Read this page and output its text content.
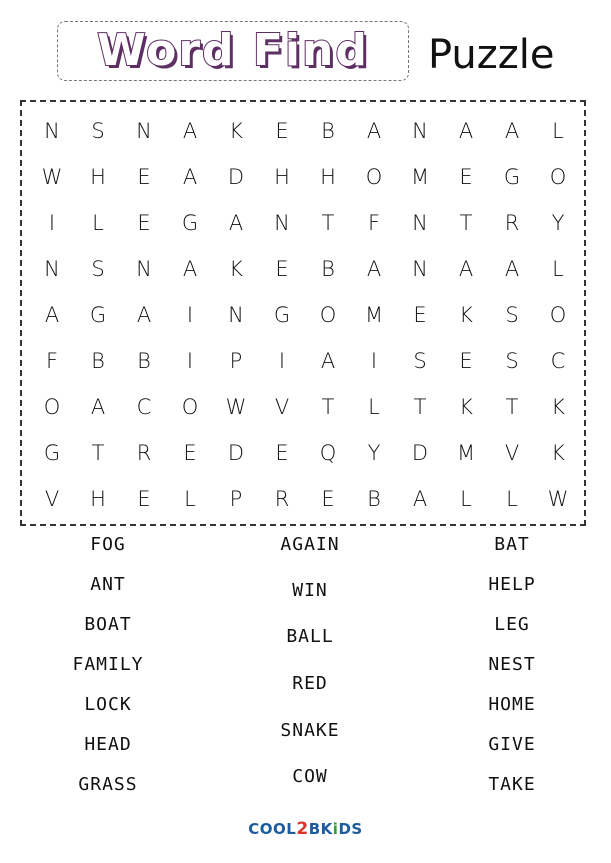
Word Find Puzzle
N	S	N	A	K	E	B	A	N	A	A	L
W	H	E	A	D	H	H	O	M	E	G	O
I	L	E	G	A	N	T	F	N	T	R	Y
N	S	N	A	K	E	B	A	N	A	A	L
A	G	A	I	N	G	O	M	E	K	S	O
F	B	B	I	P	I	A	I	S	E	S	C
O	A	C	O	W	V	T	L	T	K	T	K
G	T	R	E	D	E	Q	Y	D	M	V	K
V	H	E	L	P	R	E	B	A	L	L	W
FOG
ANT
BOAT
FAMILY
LOCK
HEAD
GRASS
AGAIN
WIN
BALL
RED
SNAKE
COW
BAT
HELP
LEG
NEST
HOME
GIVE
TAKE
COOL2BKiDS
